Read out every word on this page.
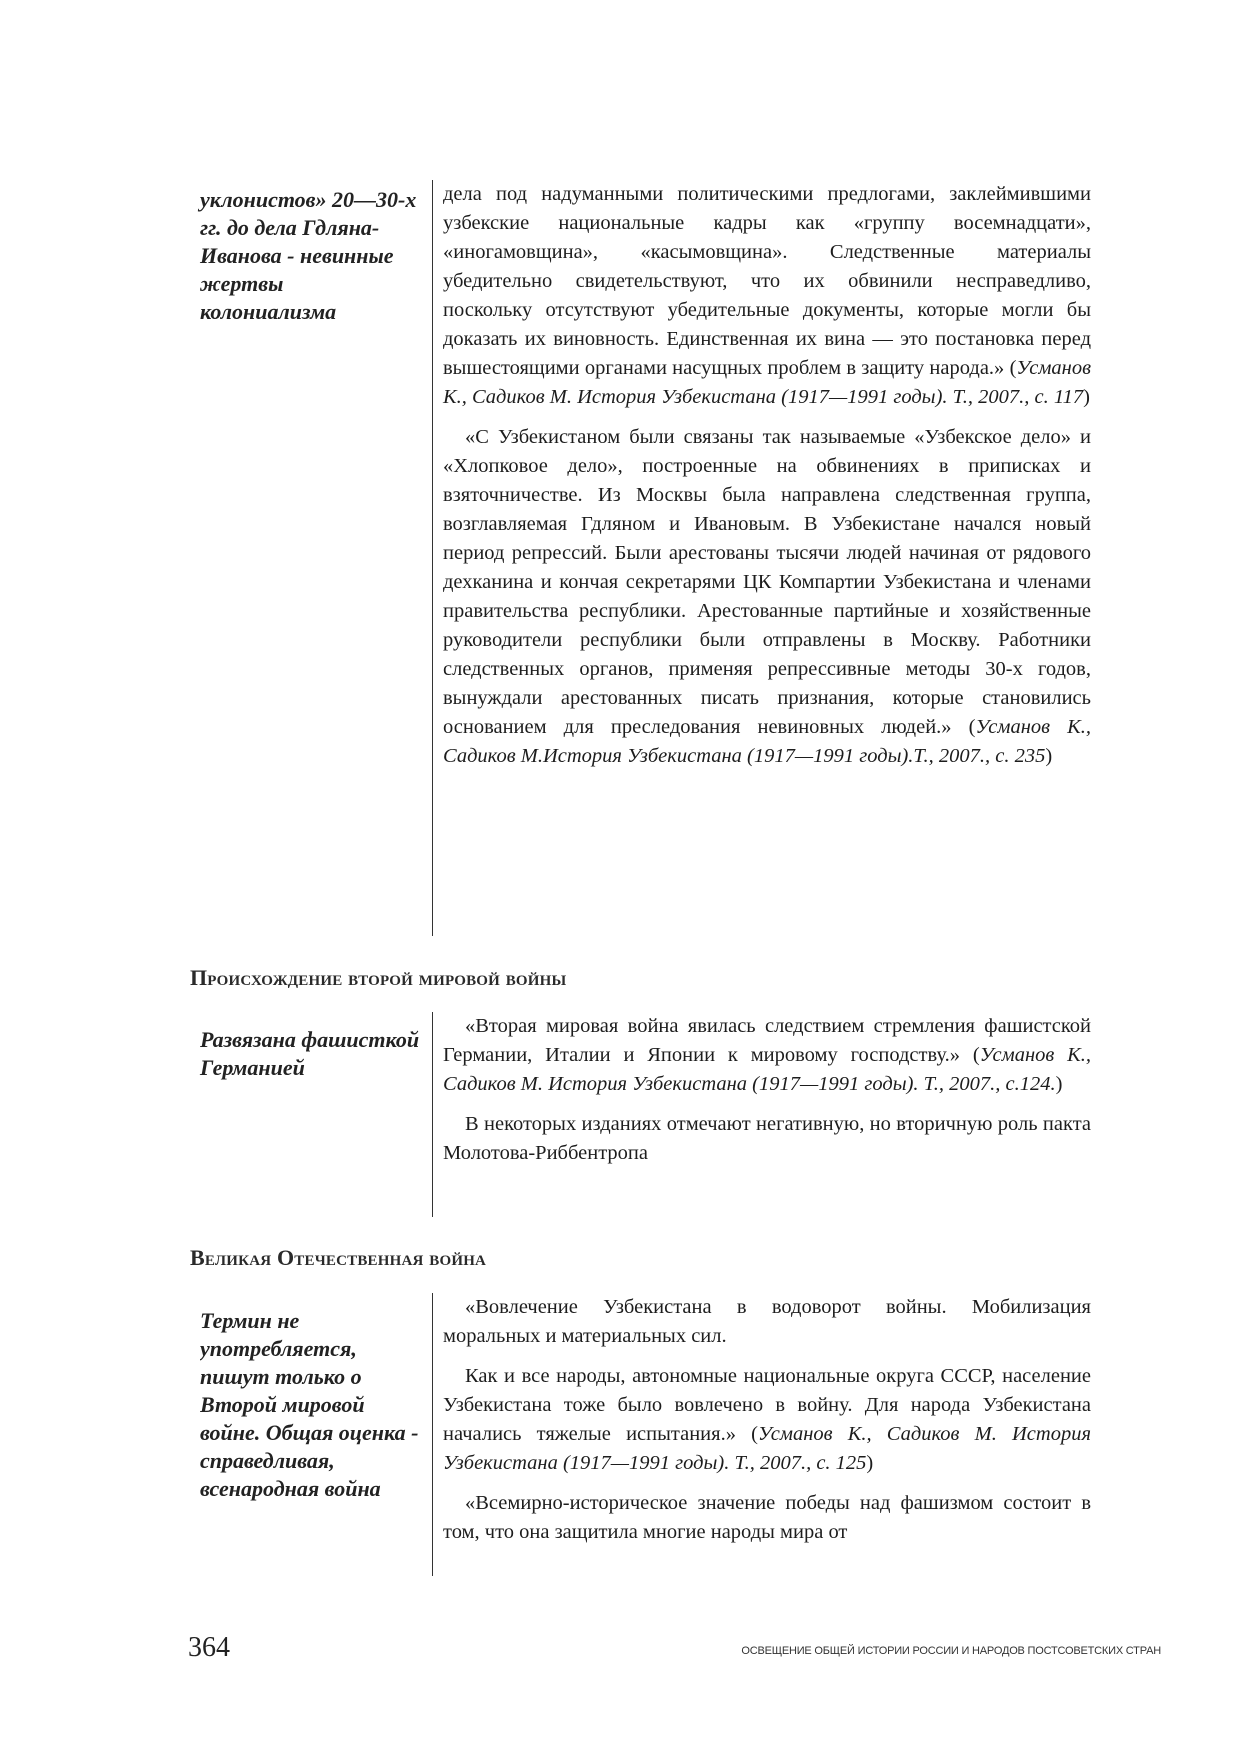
уклонистов» 20—30-х гг. до дела Гдляна-Иванова - невинные жертвы колониализма

дела под надуманными политическими предлогами, заклеймившими узбекские национальные кадры как «группу восемнадцати», «иногамовщина», «касымовщина». Следственные материалы убедительно свидетельствуют, что их обвинили несправедливо, поскольку отсутствуют убедительные документы, которые могли бы доказать их виновность. Единственная их вина — это постановка перед вышестоящими органами насущных проблем в защиту народа.» (Усманов К., Садиков М. История Узбекистана (1917—1991 годы). Т., 2007., с. 117)

«С Узбекистаном были связаны так называемые «Узбекское дело» и «Хлопковое дело», построенные на обвинениях в приписках и взяточничестве. Из Москвы была направлена следственная группа, возглавляемая Гдляном и Ивановым. В Узбекистане начался новый период репрессий. Были арестованы тысячи людей начиная от рядового дехканина и кончая секретарями ЦК Компартии Узбекистана и членами правительства республики. Арестованные партийные и хозяйственные руководители республики были отправлены в Москву. Работники следственных органов, применяя репрессивные методы 30-х годов, вынуждали арестованных писать признания, которые становились основанием для преследования невиновных людей.» (Усманов К., Садиков М.История Узбекистана (1917—1991 годы).Т., 2007., с. 235)

Происхождение второй мировой войны
Развязана фашисткой Германией

«Вторая мировая война явилась следствием стремления фашистской Германии, Италии и Японии к мировому господству.» (Усманов К., Садиков М. История Узбекистана (1917—1991 годы). Т., 2007., с.124.)

В некоторых изданиях отмечают негативную, но вторичную роль пакта Молотова-Риббентропа

Великая Отечественная война
Термин не употребляется, пишут только о Второй мировой войне. Общая оценка - справедливая, всенародная война

«Вовлечение Узбекистана в водоворот войны. Мобилизация моральных и материальных сил.

Как и все народы, автономные национальные округа СССР, население Узбекистана тоже было вовлечено в войну. Для народа Узбекистана начались тяжелые испытания.» (Усманов К., Садиков М. История Узбекистана (1917—1991 годы). Т., 2007., с. 125)

«Всемирно-историческое значение победы над фашизмом состоит в том, что она защитила многие народы мира от

364	ОСВЕЩЕНИЕ ОБЩЕЙ ИСТОРИИ РОССИИ И НАРОДОВ ПОСТСОВЕТСКИХ СТРАН
